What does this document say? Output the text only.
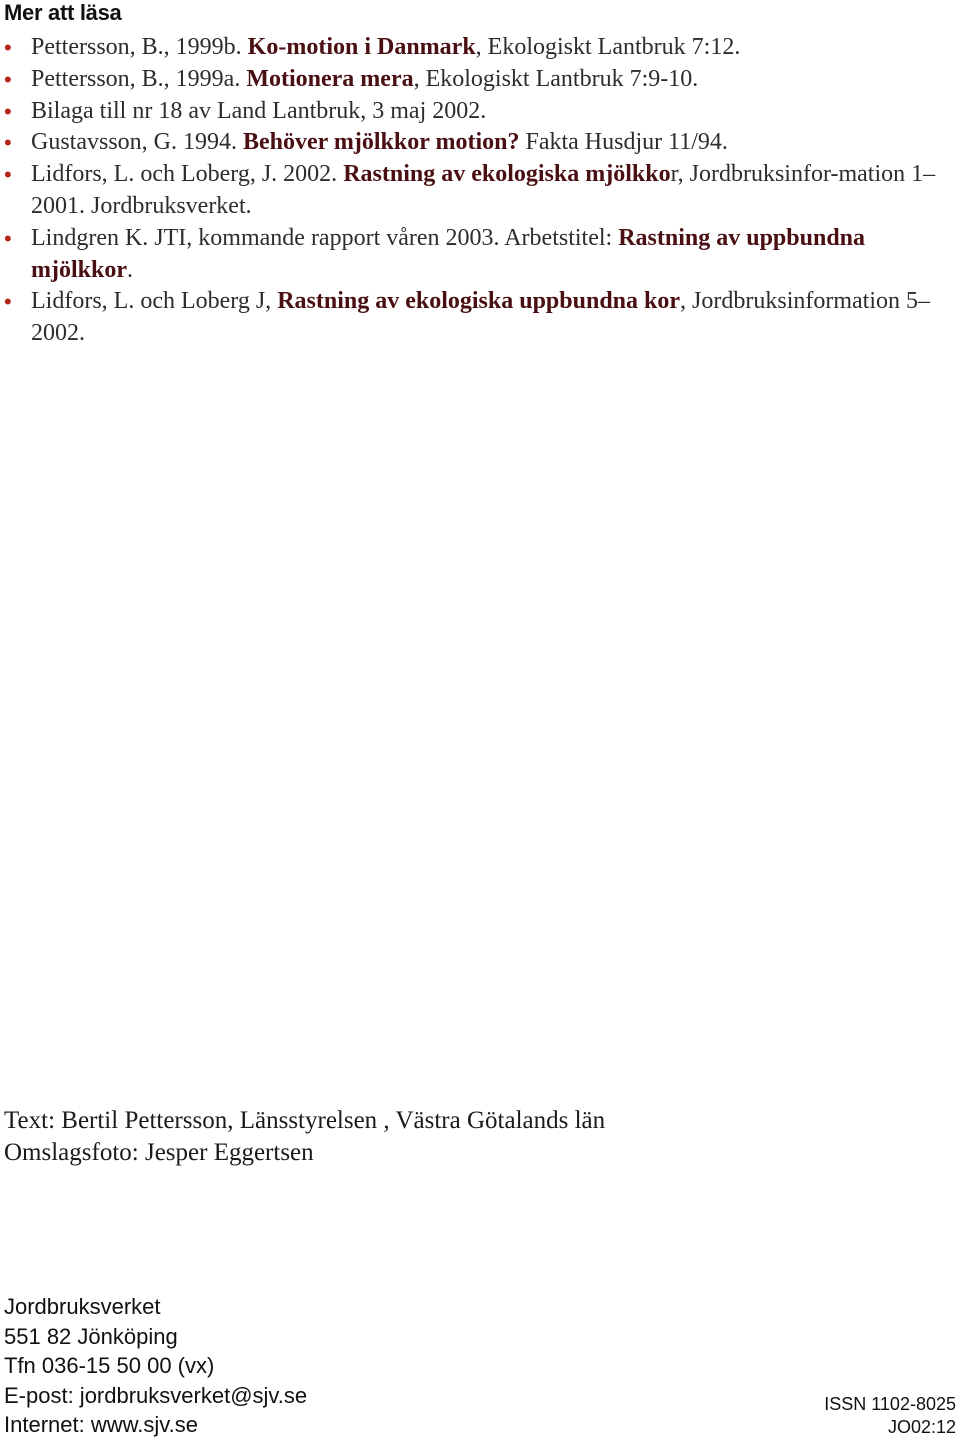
Mer att läsa
• Pettersson, B., 1999b. Ko-motion i Danmark, Ekologiskt Lantbruk 7:12.
• Pettersson, B., 1999a. Motionera mera, Ekologiskt Lantbruk 7:9-10.
• Bilaga till nr 18 av Land Lantbruk, 3 maj 2002.
• Gustavsson, G. 1994. Behöver mjölkkor motion? Fakta Husdjur 11/94.
• Lidfors, L. och Loberg, J. 2002. Rastning av ekologiska mjölkkor, Jordbruksinfor-mation 1–2001. Jordbruksverket.
• Lindgren K. JTI, kommande rapport våren 2003. Arbetstitel: Rastning av uppbundna mjölkkor.
• Lidfors, L. och Loberg J, Rastning av ekologiska uppbundna kor, Jordbruksinformation 5–2002.
Text: Bertil Pettersson, Länsstyrelsen , Västra Götalands län
Omslagsfoto: Jesper Eggertsen
Jordbruksverket
551 82 Jönköping
Tfn 036-15 50 00 (vx)
E-post: jordbruksverket@sjv.se
Internet: www.sjv.se
ISSN 1102-8025
JO02:12
